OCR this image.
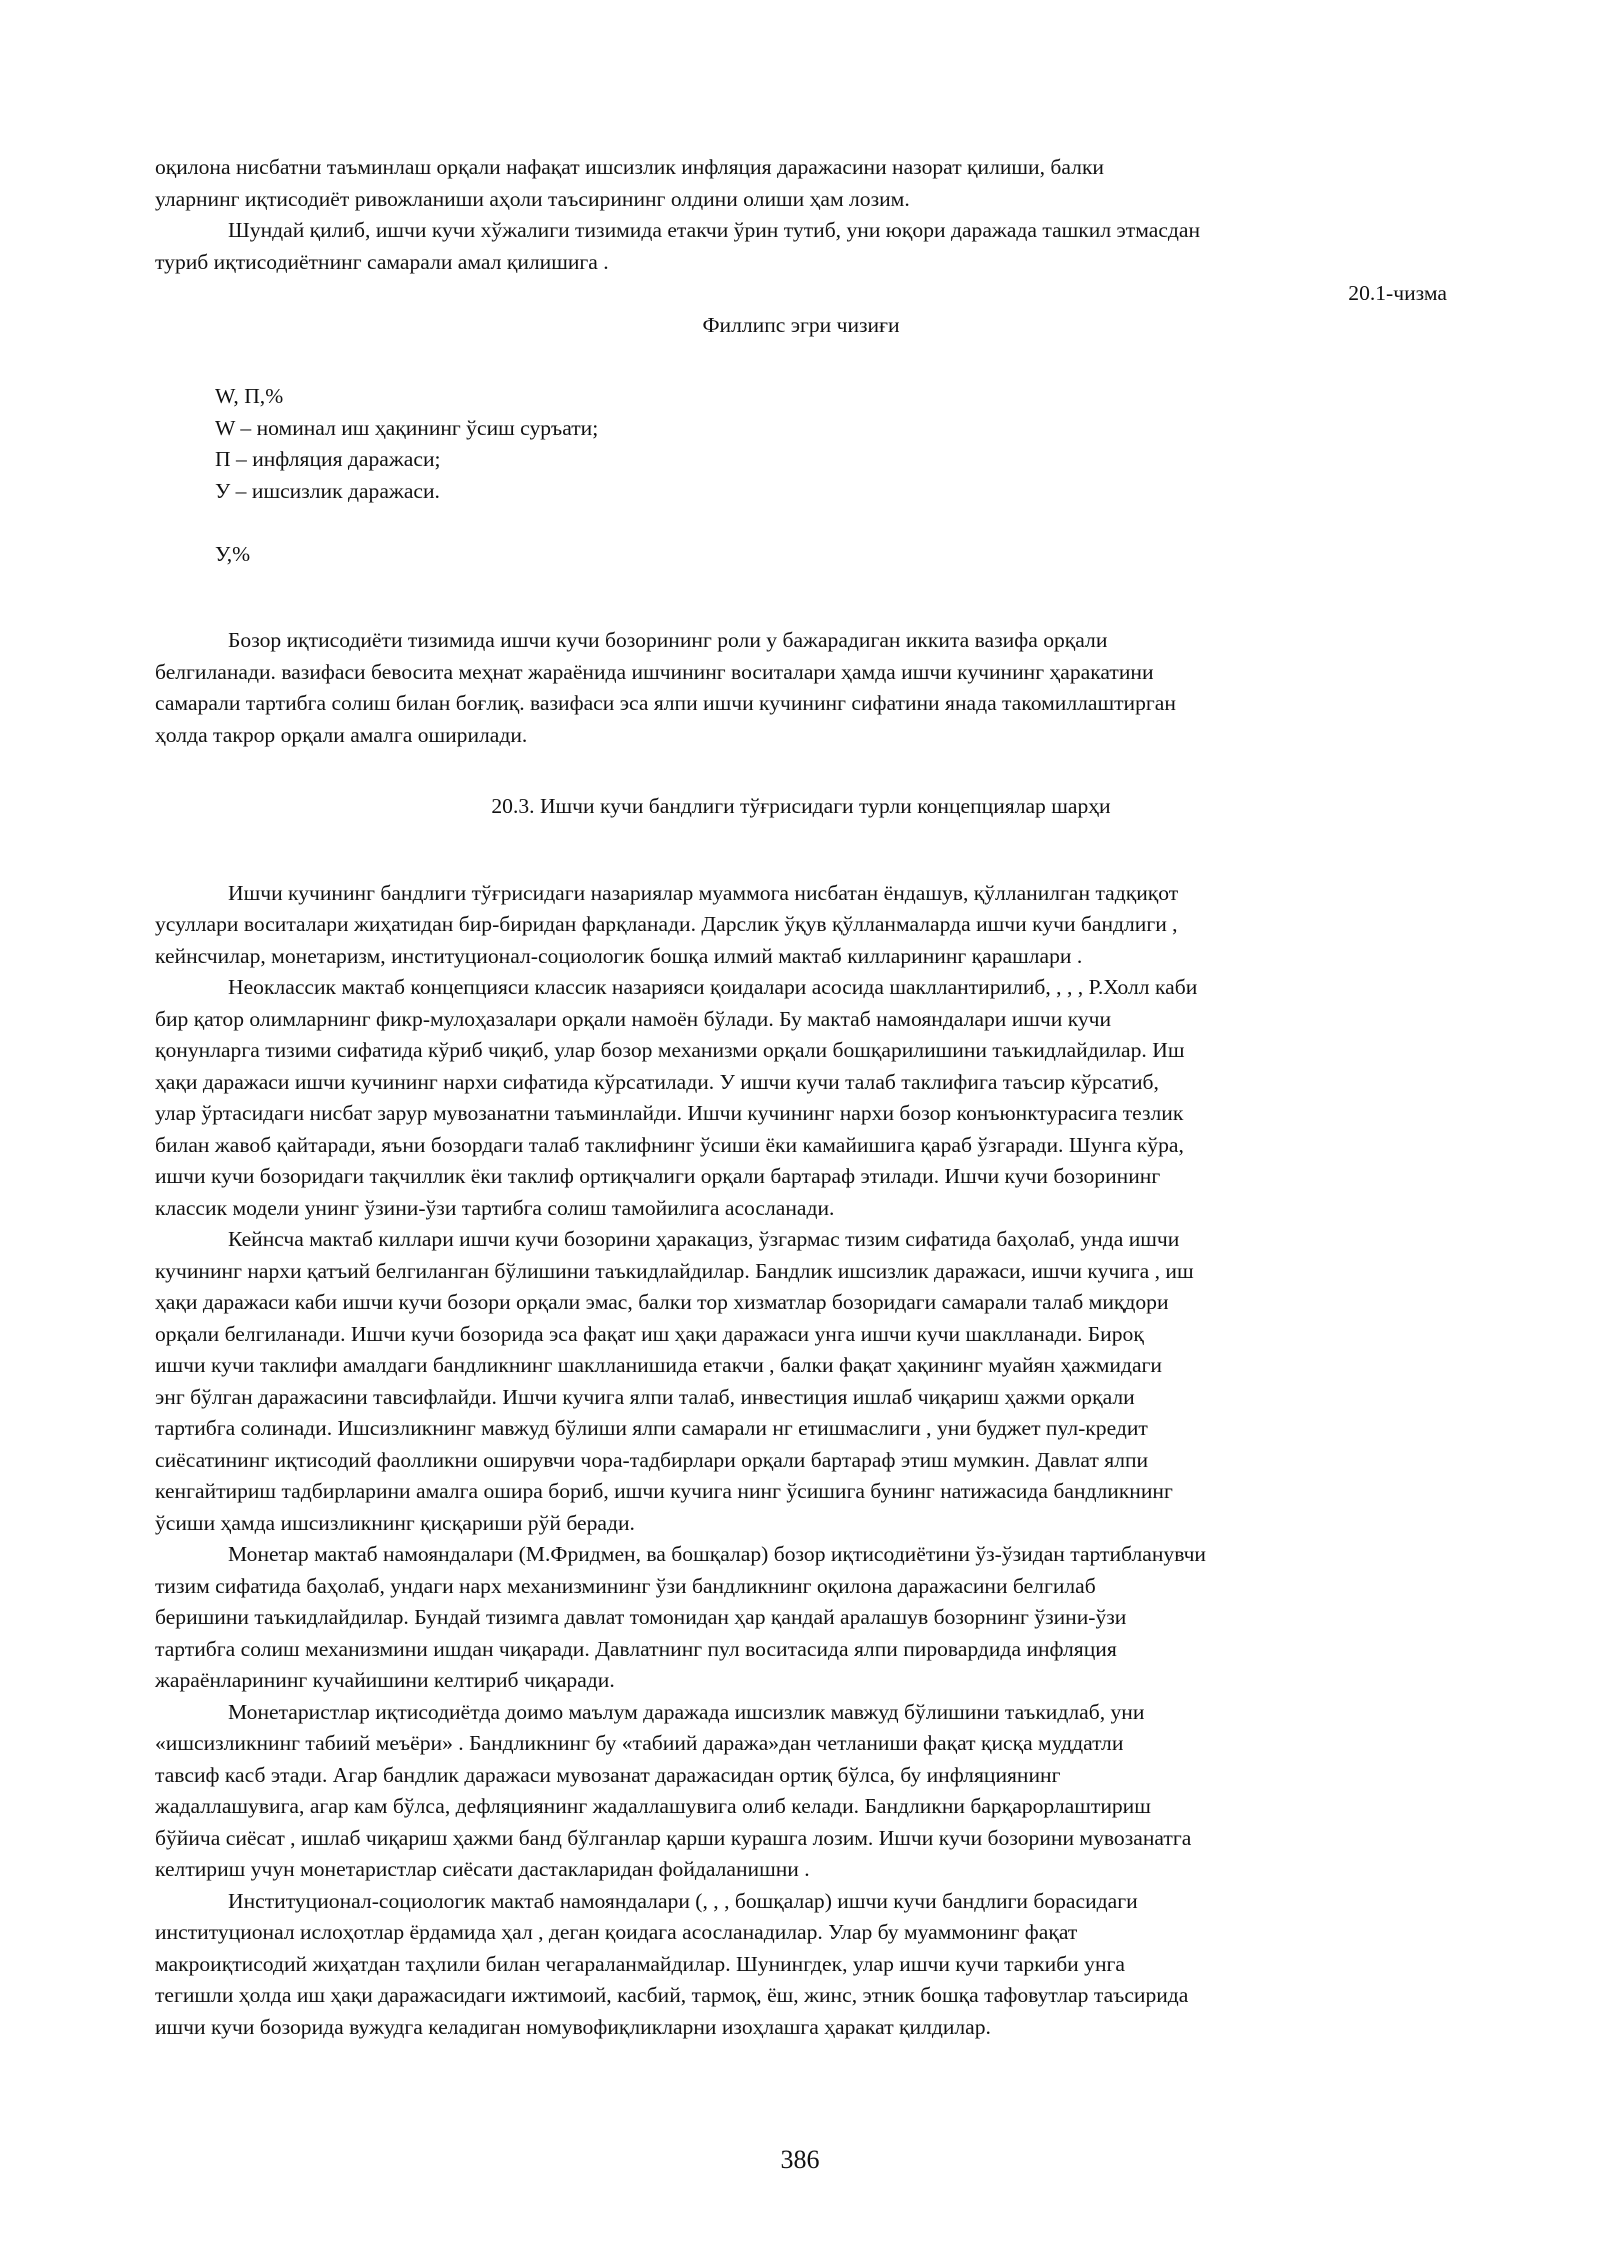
оқилона нисбатни таъминлаш орқали нафақат ишсизлик инфляция даражасини назорат қилиши, балки
уларнинг иқтисодиёт ривожланиши аҳоли таъсирининг олдини олиши ҳам лозим.

Шундай қилиб, ишчи кучи хўжалиги тизимида етакчи ўрин тутиб, уни юқори даражада ташкил этмасдан
туриб иқтисодиётнинг самарали амал қилишига .

20.1-чизма

Филлипс эгри чизиғи

W, П,%
W – номинал иш ҳақининг ўсиш суръати;
П – инфляция даражаси;
У – ишсизлик даражаси.
У,%

Бозор иқтисодиёти тизимида ишчи кучи бозорининг роли у бажарадиган иккита вазифа орқали
белгиланади. вазифаси бевосита меҳнат жараёнида ишчининг воситалари ҳамда ишчи кучининг ҳаракатини
самарали тартибга солиш билан боғлиқ. вазифаси эса ялпи ишчи кучининг сифатини янада такомиллаштирган
ҳолда такрор орқали амалга оширилади.

20.3. Ишчи кучи бандлиги тўғрисидаги турли концепциялар шарҳи

Ишчи кучининг бандлиги тўғрисидаги назариялар муаммога нисбатан ёндашув, қўлланилган тадқиқот
усуллари воситалари жиҳатидан бир-биридан фарқланади. Дарслик ўқув қўлланмаларда ишчи кучи бандлиги ,
кейнсчилар, монетаризм, институционал-социологик бошқа илмий мактаб килларининг қарашлари .

Неоклассик мактаб концепцияси классик назарияси қоидалари асосида шакллантирилиб, , , , Р.Холл каби
бир қатор олимларнинг фикр-мулоҳазалари орқали намоён бўлади. Бу мактаб намояндалари ишчи кучи
қонунларга тизими сифатида кўриб чиқиб, улар бозор механизми орқали бошқарилишини таъкидлайдилар. Иш
ҳақи даражаси ишчи кучининг нархи сифатида кўрсатилади. У ишчи кучи талаб таклифига таъсир кўрсатиб,
улар ўртасидаги нисбат зарур мувозанатни таъминлайди. Ишчи кучининг нархи бозор конъюнктурасига тезлик
билан жавоб қайтаради, яъни бозордаги талаб таклифнинг ўсиши ёки камайишига қараб ўзгаради. Шунга кўра,
ишчи кучи бозоридаги тақчиллик ёки таклиф ортиқчалиги орқали бартараф этилади. Ишчи кучи бозорининг
классик модели унинг ўзини-ўзи тартибга солиш тамойилига асосланади.

Кейнсча мактаб киллари ишчи кучи бозорини ҳаракациз, ўзгармас тизим сифатида баҳолаб, унда ишчи
кучининг нархи қатъий белгиланган бўлишини таъкидлайдилар. Бандлик ишсизлик даражаси, ишчи кучига , иш
ҳақи даражаси каби ишчи кучи бозори орқали эмас, балки тор хизматлар бозоридаги самарали талаб миқдори
орқали белгиланади. Ишчи кучи бозорида эса фақат иш ҳақи даражаси унга ишчи кучи шаклланади. Бироқ
ишчи кучи таклифи амалдаги бандликнинг шаклланишида етакчи , балки фақат ҳақининг муайян ҳажмидаги
энг бўлган даражасини тавсифлайди. Ишчи кучига ялпи талаб, инвестиция ишлаб чиқариш ҳажми орқали
тартибга солинади. Ишсизликнинг мавжуд бўлиши ялпи самарали нг етишмаслиги , уни буджет пул-кредит
сиёсатининг иқтисодий фаолликни оширувчи чора-тадбирлари орқали бартараф этиш мумкин. Давлат ялпи
кенгайтириш тадбирларини амалга ошира бориб, ишчи кучига нинг ўсишига бунинг натижасида бандликнинг
ўсиши ҳамда ишсизликнинг қисқариши рўй беради.

Монетар мактаб намояндалари (М.Фридмен, ва бошқалар) бозор иқтисодиётини ўз-ўзидан тартибланувчи
тизим сифатида баҳолаб, ундаги нарх механизмининг ўзи бандликнинг оқилона даражасини белгилаб
беришини таъкидлайдилар. Бундай тизимга давлат томонидан ҳар қандай аралашув бозорнинг ўзини-ўзи
тартибга солиш механизмини ишдан чиқаради. Давлатнинг пул воситасида ялпи пировардида инфляция
жараёнларининг кучайишини келтириб чиқаради.

Монетаристлар иқтисодиётда доимо маълум даражада ишсизлик мавжуд бўлишини таъкидлаб, уни
«ишсизликнинг табиий меъёри» . Бандликнинг бу «табиий даража»дан четланиши фақат қисқа муддатли
тавсиф касб этади. Агар бандлик даражаси мувозанат даражасидан ортиқ бўлса, бу инфляциянинг
жадаллашувига, агар кам бўлса, дефляциянинг жадаллашувига олиб келади. Бандликни барқарорлаштириш
бўйича сиёсат , ишлаб чиқариш ҳажми банд бўлганлар қарши курашга лозим. Ишчи кучи бозорини мувозанатга
келтириш учун монетаристлар сиёсати дастакларидан фойдаланишни .

Институционал-социологик мактаб намояндалари (, , , бошқалар) ишчи кучи бандлиги борасидаги
институционал ислоҳотлар ёрдамида ҳал , деган қоидага асосланадилар. Улар бу муаммонинг фақат
макроиқтисодий жиҳатдан таҳлили билан чегараланмайдилар. Шунингдек, улар ишчи кучи таркиби унга
тегишли ҳолда иш ҳақи даражасидаги ижтимоий, касбий, тармоқ, ёш, жинс, этник бошқа тафовутлар таъсирида
ишчи кучи бозорида вужудга келадиган номувофиқликларни изоҳлашга ҳаракат қилдилар.

386
